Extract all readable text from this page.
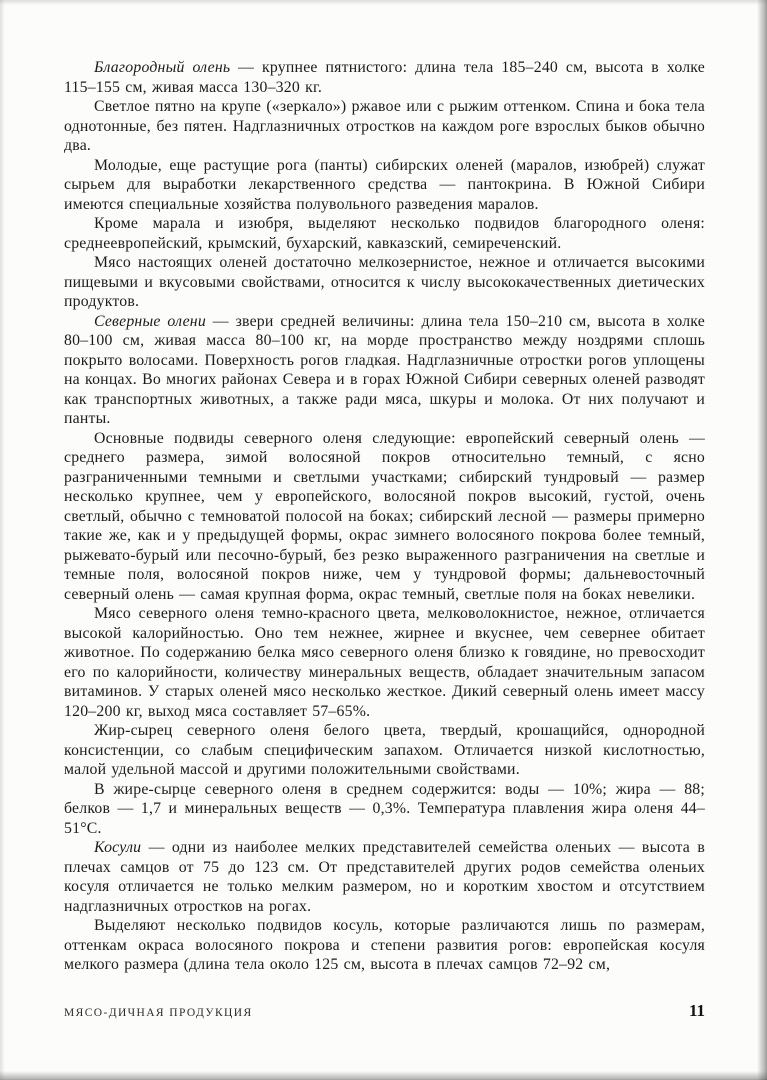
Благородный олень — крупнее пятнистого: длина тела 185–240 см, высота в холке 115–155 см, живая масса 130–320 кг.

Светлое пятно на крупе («зеркало») ржавое или с рыжим оттенком. Спина и бока тела однотонные, без пятен. Надглазничных отростков на каждом роге взрослых быков обычно два.

Молодые, еще растущие рога (панты) сибирских оленей (маралов, изюбрей) служат сырьем для выработки лекарственного средства — пантокрина. В Южной Сибири имеются специальные хозяйства полувольного разведения маралов.

Кроме марала и изюбря, выделяют несколько подвидов благородного оленя: среднеевропейский, крымский, бухарский, кавказский, семиреченский.

Мясо настоящих оленей достаточно мелкозернистое, нежное и отличается высокими пищевыми и вкусовыми свойствами, относится к числу высококачественных диетических продуктов.

Северные олени — звери средней величины: длина тела 150–210 см, высота в холке 80–100 см, живая масса 80–100 кг, на морде пространство между ноздрями сплошь покрыто волосами. Поверхность рогов гладкая. Надглазничные отростки рогов уплощены на концах. Во многих районах Севера и в горах Южной Сибири северных оленей разводят как транспортных животных, а также ради мяса, шкуры и молока. От них получают и панты.

Основные подвиды северного оленя следующие: европейский северный олень — среднего размера, зимой волосяной покров относительно темный, с ясно разграниченными темными и светлыми участками; сибирский тундровый — размер несколько крупнее, чем у европейского, волосяной покров высокий, густой, очень светлый, обычно с темноватой полосой на боках; сибирский лесной — размеры примерно такие же, как и у предыдущей формы, окрас зимнего волосяного покрова более темный, рыжевато-бурый или песочно-бурый, без резко выраженного разграничения на светлые и темные поля, волосяной покров ниже, чем у тундровой формы; дальневосточный северный олень — самая крупная форма, окрас темный, светлые поля на боках невелики.

Мясо северного оленя темно-красного цвета, мелковолокнистое, нежное, отличается высокой калорийностью. Оно тем нежнее, жирнее и вкуснее, чем севернее обитает животное. По содержанию белка мясо северного оленя близко к говядине, но превосходит его по калорийности, количеству минеральных веществ, обладает значительным запасом витаминов. У старых оленей мясо несколько жесткое. Дикий северный олень имеет массу 120–200 кг, выход мяса составляет 57–65%.

Жир-сырец северного оленя белого цвета, твердый, крошащийся, однородной консистенции, со слабым специфическим запахом. Отличается низкой кислотностью, малой удельной массой и другими положительными свойствами.

В жире-сырце северного оленя в среднем содержится: воды — 10%; жира — 88; белков — 1,7 и минеральных веществ — 0,3%. Температура плавления жира оленя 44–51°С.

Косули — одни из наиболее мелких представителей семейства оленьих — высота в плечах самцов от 75 до 123 см. От представителей других родов семейства оленьих косуля отличается не только мелким размером, но и коротким хвостом и отсутствием надглазничных отростков на рогах.

Выделяют несколько подвидов косуль, которые различаются лишь по размерам, оттенкам окраса волосяного покрова и степени развития рогов: европейская косуля мелкого размера (длина тела около 125 см, высота в плечах самцов 72–92 см,

МЯСО-ДИЧНАЯ ПРОДУКЦИЯ	11
